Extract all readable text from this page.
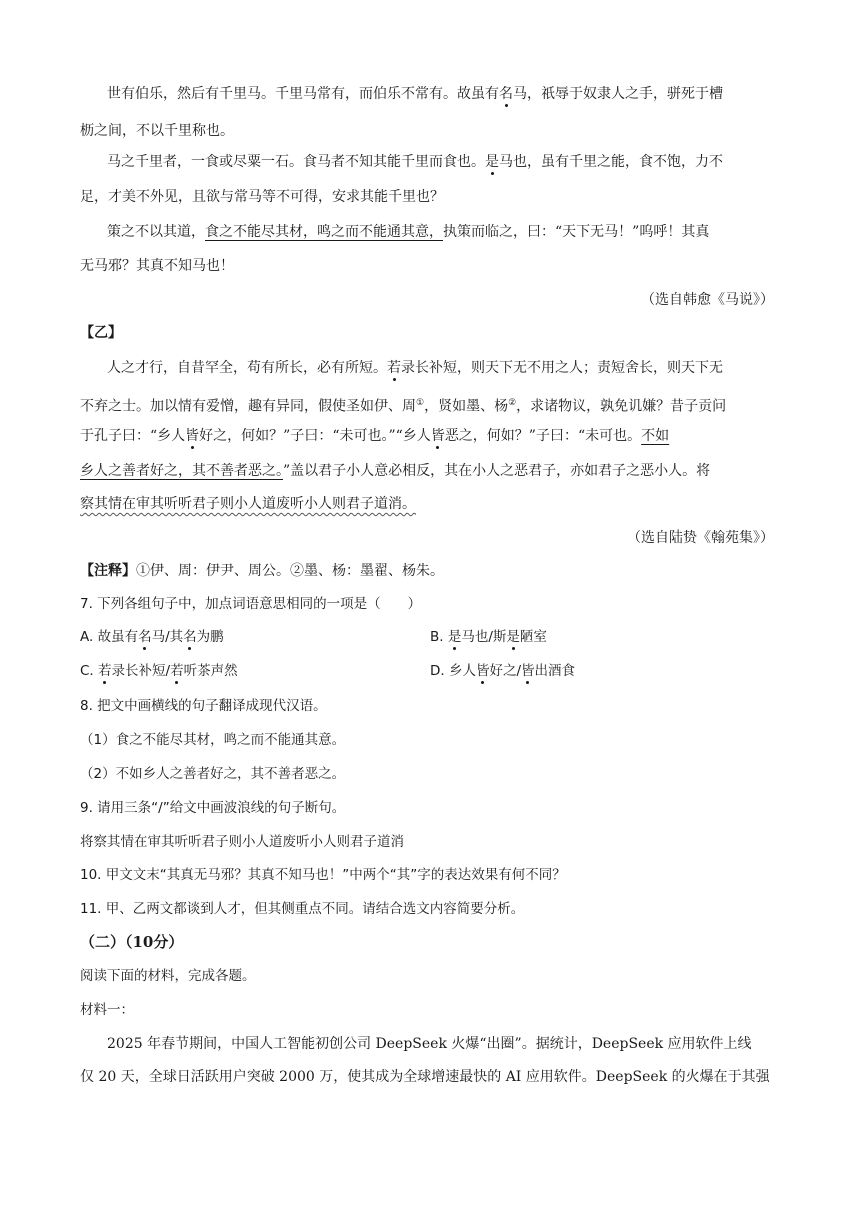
世有伯乐，然后有千里马。千里马常有，而伯乐不常有。故虽有名马，祇辱于奴隶人之手，骈死于槽
枥之间，不以千里称也。
马之千里者，一食或尽粟一石。食马者不知其能千里而食也。是马也，虽有千里之能，食不饱，力不
足，才美不外见，且欲与常马等不可得，安求其能千里也？
策之不以其道，食之不能尽其材，鸣之而不能通其意，执策而临之，曰：“天下无马！”呜呼！其真
无马邪？其真不知马也！
（选自韩愈《马说》）
【乙】
人之才行，自昔罕全，苟有所长，必有所短。若录长补短，则天下无不用之人；责短舍长，则天下无
不弃之士。加以情有爱憎，趣有异同，假使圣如伊、周①，贤如墨、杨②，求诸物议，孰免讥嫌？昔子贡问
于孔子曰：“乡人皆好之，何如？”子曰：“未可也。”“乡人皆恶之，何如？”子曰：“未可也。不如
乡人之善者好之，其不善者恶之。”盖以君子小人意必相反，其在小人之恶君子，亦如君子之恶小人。将
察其情在审其听听君子则小人道废听小人则君子道消。
（选自陆贽《翰苑集》）
【注释】①伊、周：伊尹、周公。②墨、杨：墨翟、杨朱。
7. 下列各组句子中，加点词语意思相同的一项是（　　）
A. 故虽有名马/其名为鹏	B. 是马也/斯是陋室
C. 若录长补短/若听茶声然	D. 乡人皆好之/皆出酒食
8. 把文中画横线的句子翻译成现代汉语。
（1）食之不能尽其材，鸣之而不能通其意。
（2）不如乡人之善者好之，其不善者恶之。
9. 请用三条“/”给文中画波浪线的句子断句。
将察其情在审其听听君子则小人道废听小人则君子道消
10. 甲文文末“其真无马邪？其真不知马也！”中两个“其”字的表达效果有何不同？
11. 甲、乙两文都谈到人才，但其侧重点不同。请结合选文内容简要分析。
（二）（10分）
阅读下面的材料，完成各题。
材料一：
2025 年春节期间，中国人工智能初创公司 DeepSeek 火爆“出圈”。据统计，DeepSeek 应用软件上线
仅 20 天，全球日活跃用户突破 2000 万，使其成为全球增速最快的 AI 应用软件。DeepSeek 的火爆在于其强
